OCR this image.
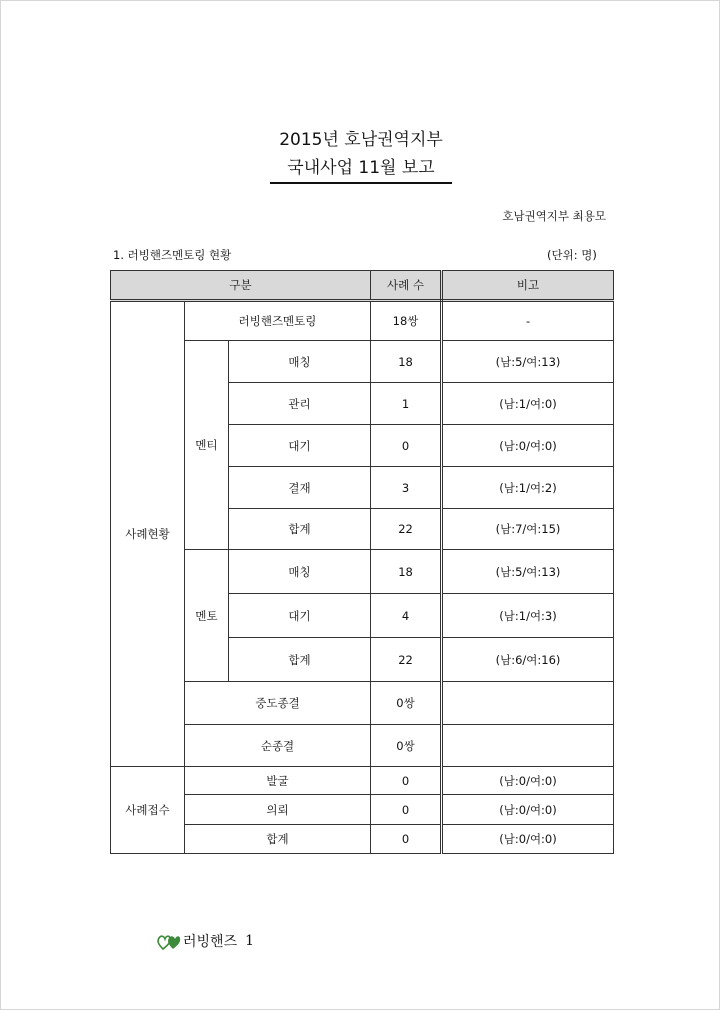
2015년 호남권역지부
국내사업 11월 보고
호남권역지부 최용모
1. 러빙핸즈멘토링 현황	(단위: 명)
구분			사례 수	비고
사례현황	러빙핸즈멘토링		18쌍	-
	멘티	매칭	18	(남:5/여:13)
		관리	1	(남:1/여:0)
		대기	0	(남:0/여:0)
		결재	3	(남:1/여:2)
		합계	22	(남:7/여:15)
	멘토	매칭	18	(남:5/여:13)
		대기	4	(남:1/여:3)
		합계	22	(남:6/여:16)
	중도종결		0쌍	
	순종결		0쌍	
사례접수	발굴		0	(남:0/여:0)
	의뢰		0	(남:0/여:0)
	합계		0	(남:0/여:0)
러빙핸즈 1
